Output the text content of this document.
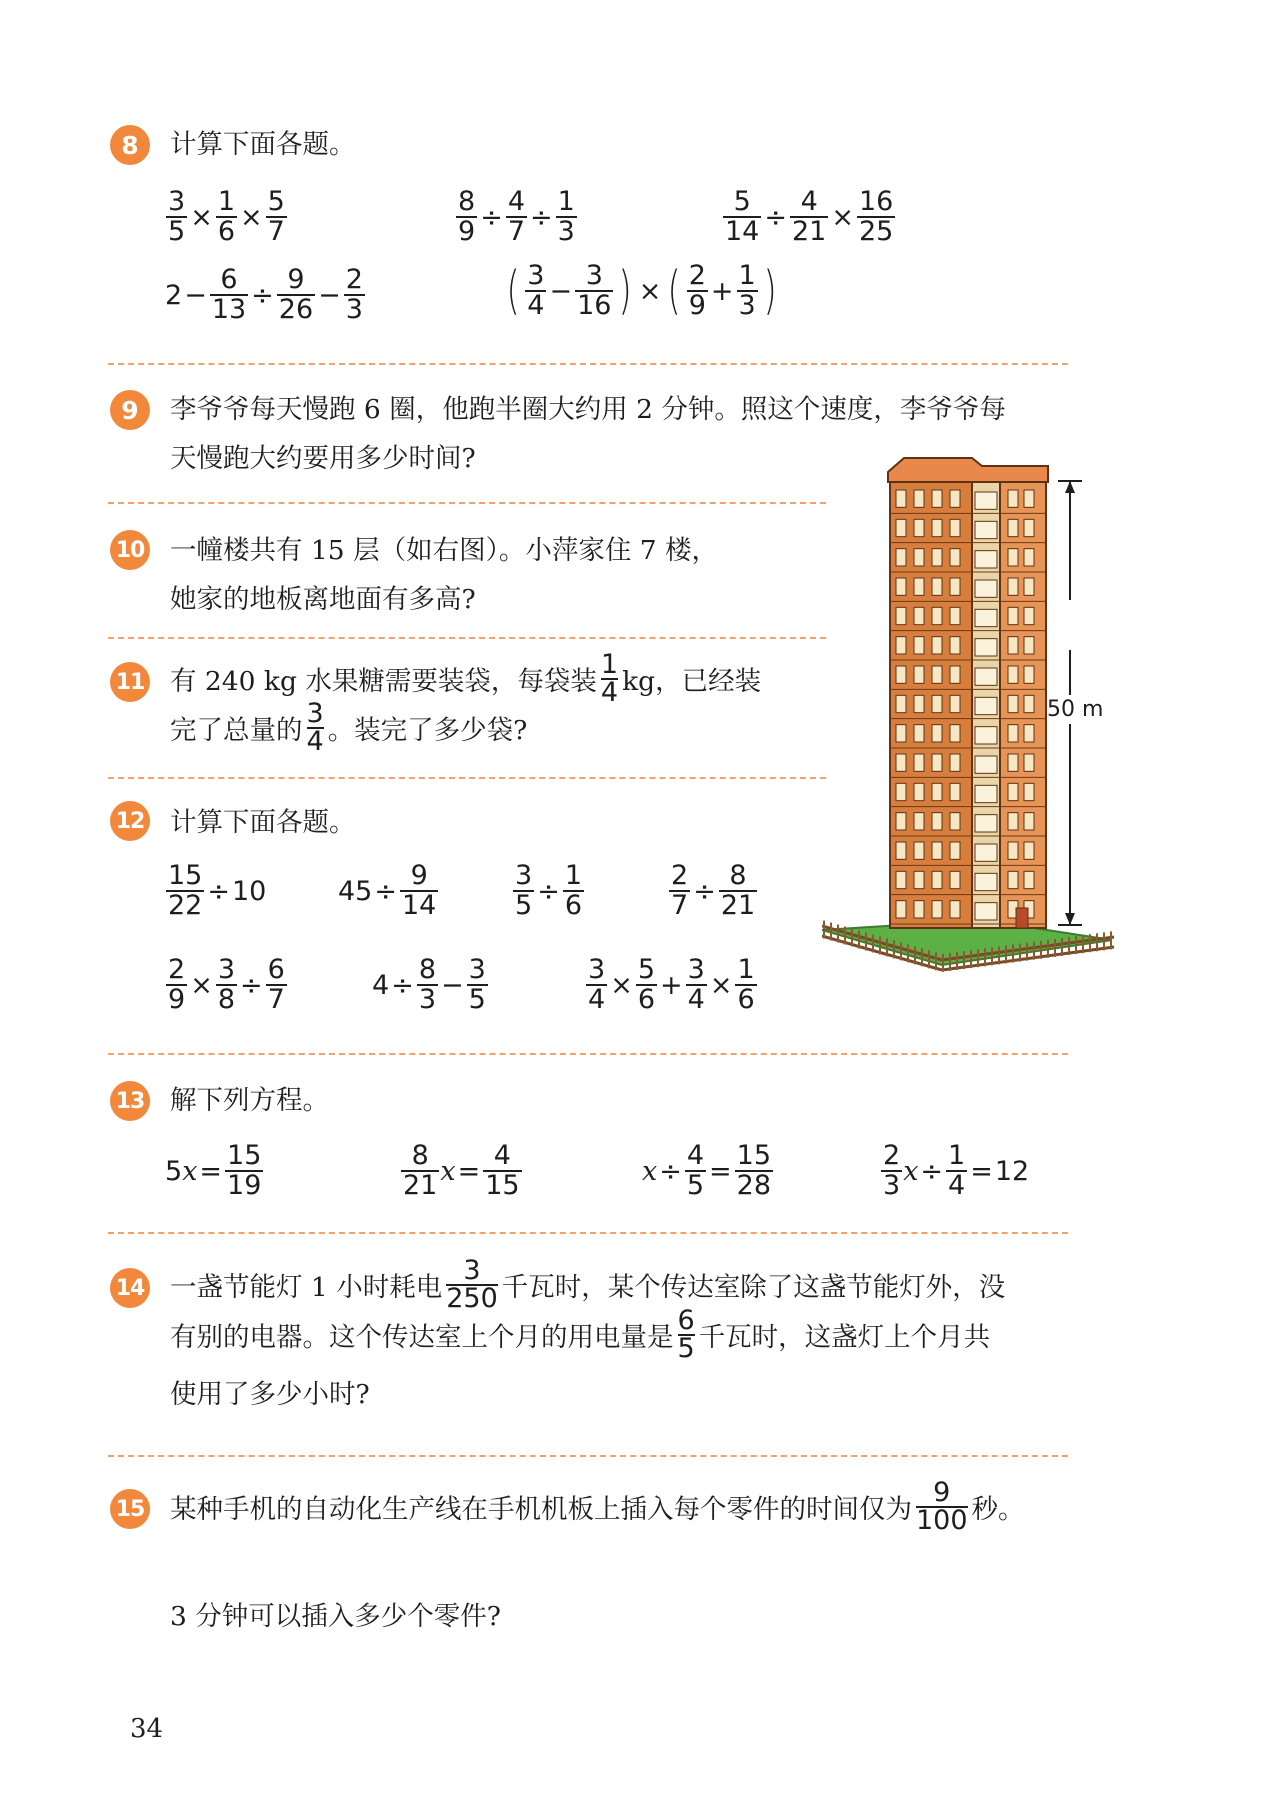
8	计算下面各题。
$\frac{3}{5} \times \frac{1}{6} \times \frac{5}{7}$	$\frac{8}{9} \div \frac{4}{7} \div \frac{1}{3}$	$\frac{5}{14} \div \frac{4}{21} \times \frac{16}{25}$
$2 - \frac{6}{13} \div \frac{9}{26} - \frac{2}{3}$	( $\frac{3}{4} - \frac{3}{16}$ ) × ( $\frac{2}{9} + \frac{1}{3}$ )
9	李爷爷每天慢跑 6 圈，他跑半圈大约用 2 分钟。照这个速度，李爷爷每
天慢跑大约要用多少时间?
10 一幢楼共有 15 层（如右图）。小萍家住 7 楼，
她家的地板离地面有多高?
11 有 240 kg 水果糖需要装袋，每袋装 $\frac{1}{4}$ kg，已经装
完了总量的 $\frac{3}{4}$ 。装完了多少袋?
12 计算下面各题。
$\frac{15}{22} \div 10$	$45 \div \frac{9}{14}$	$\frac{3}{5} \div \frac{1}{6}$	$\frac{2}{7} \div \frac{8}{21}$
$\frac{2}{9} \times \frac{3}{8} \div \frac{6}{7}$	$4 \div \frac{8}{3} - \frac{3}{5}$	$\frac{3}{4} \times \frac{5}{6} + \frac{3}{4} \times \frac{1}{6}$
50 m
13 解下列方程。
5 $x = \frac{15}{19}$	$\frac{8}{21}$ $x = \frac{4}{15}$	$x \div \frac{4}{5} = \frac{15}{28}$	$\frac{2}{3}$ $x \div \frac{1}{4} = 12$
14 一盏节能灯 1 小时耗电 $\frac{3}{250}$ 千瓦时，某个传达室除了这盏节能灯外，没
有别的电器。这个传达室上个月的用电量是 $\frac{6}{5}$ 千瓦时，这盏灯上个月共
使用了多少小时?
15 某种手机的自动化生产线在手机机板上插入每个零件的时间仅为 $\frac{9}{100}$ 秒。
3 分钟可以插入多少个零件?
34
